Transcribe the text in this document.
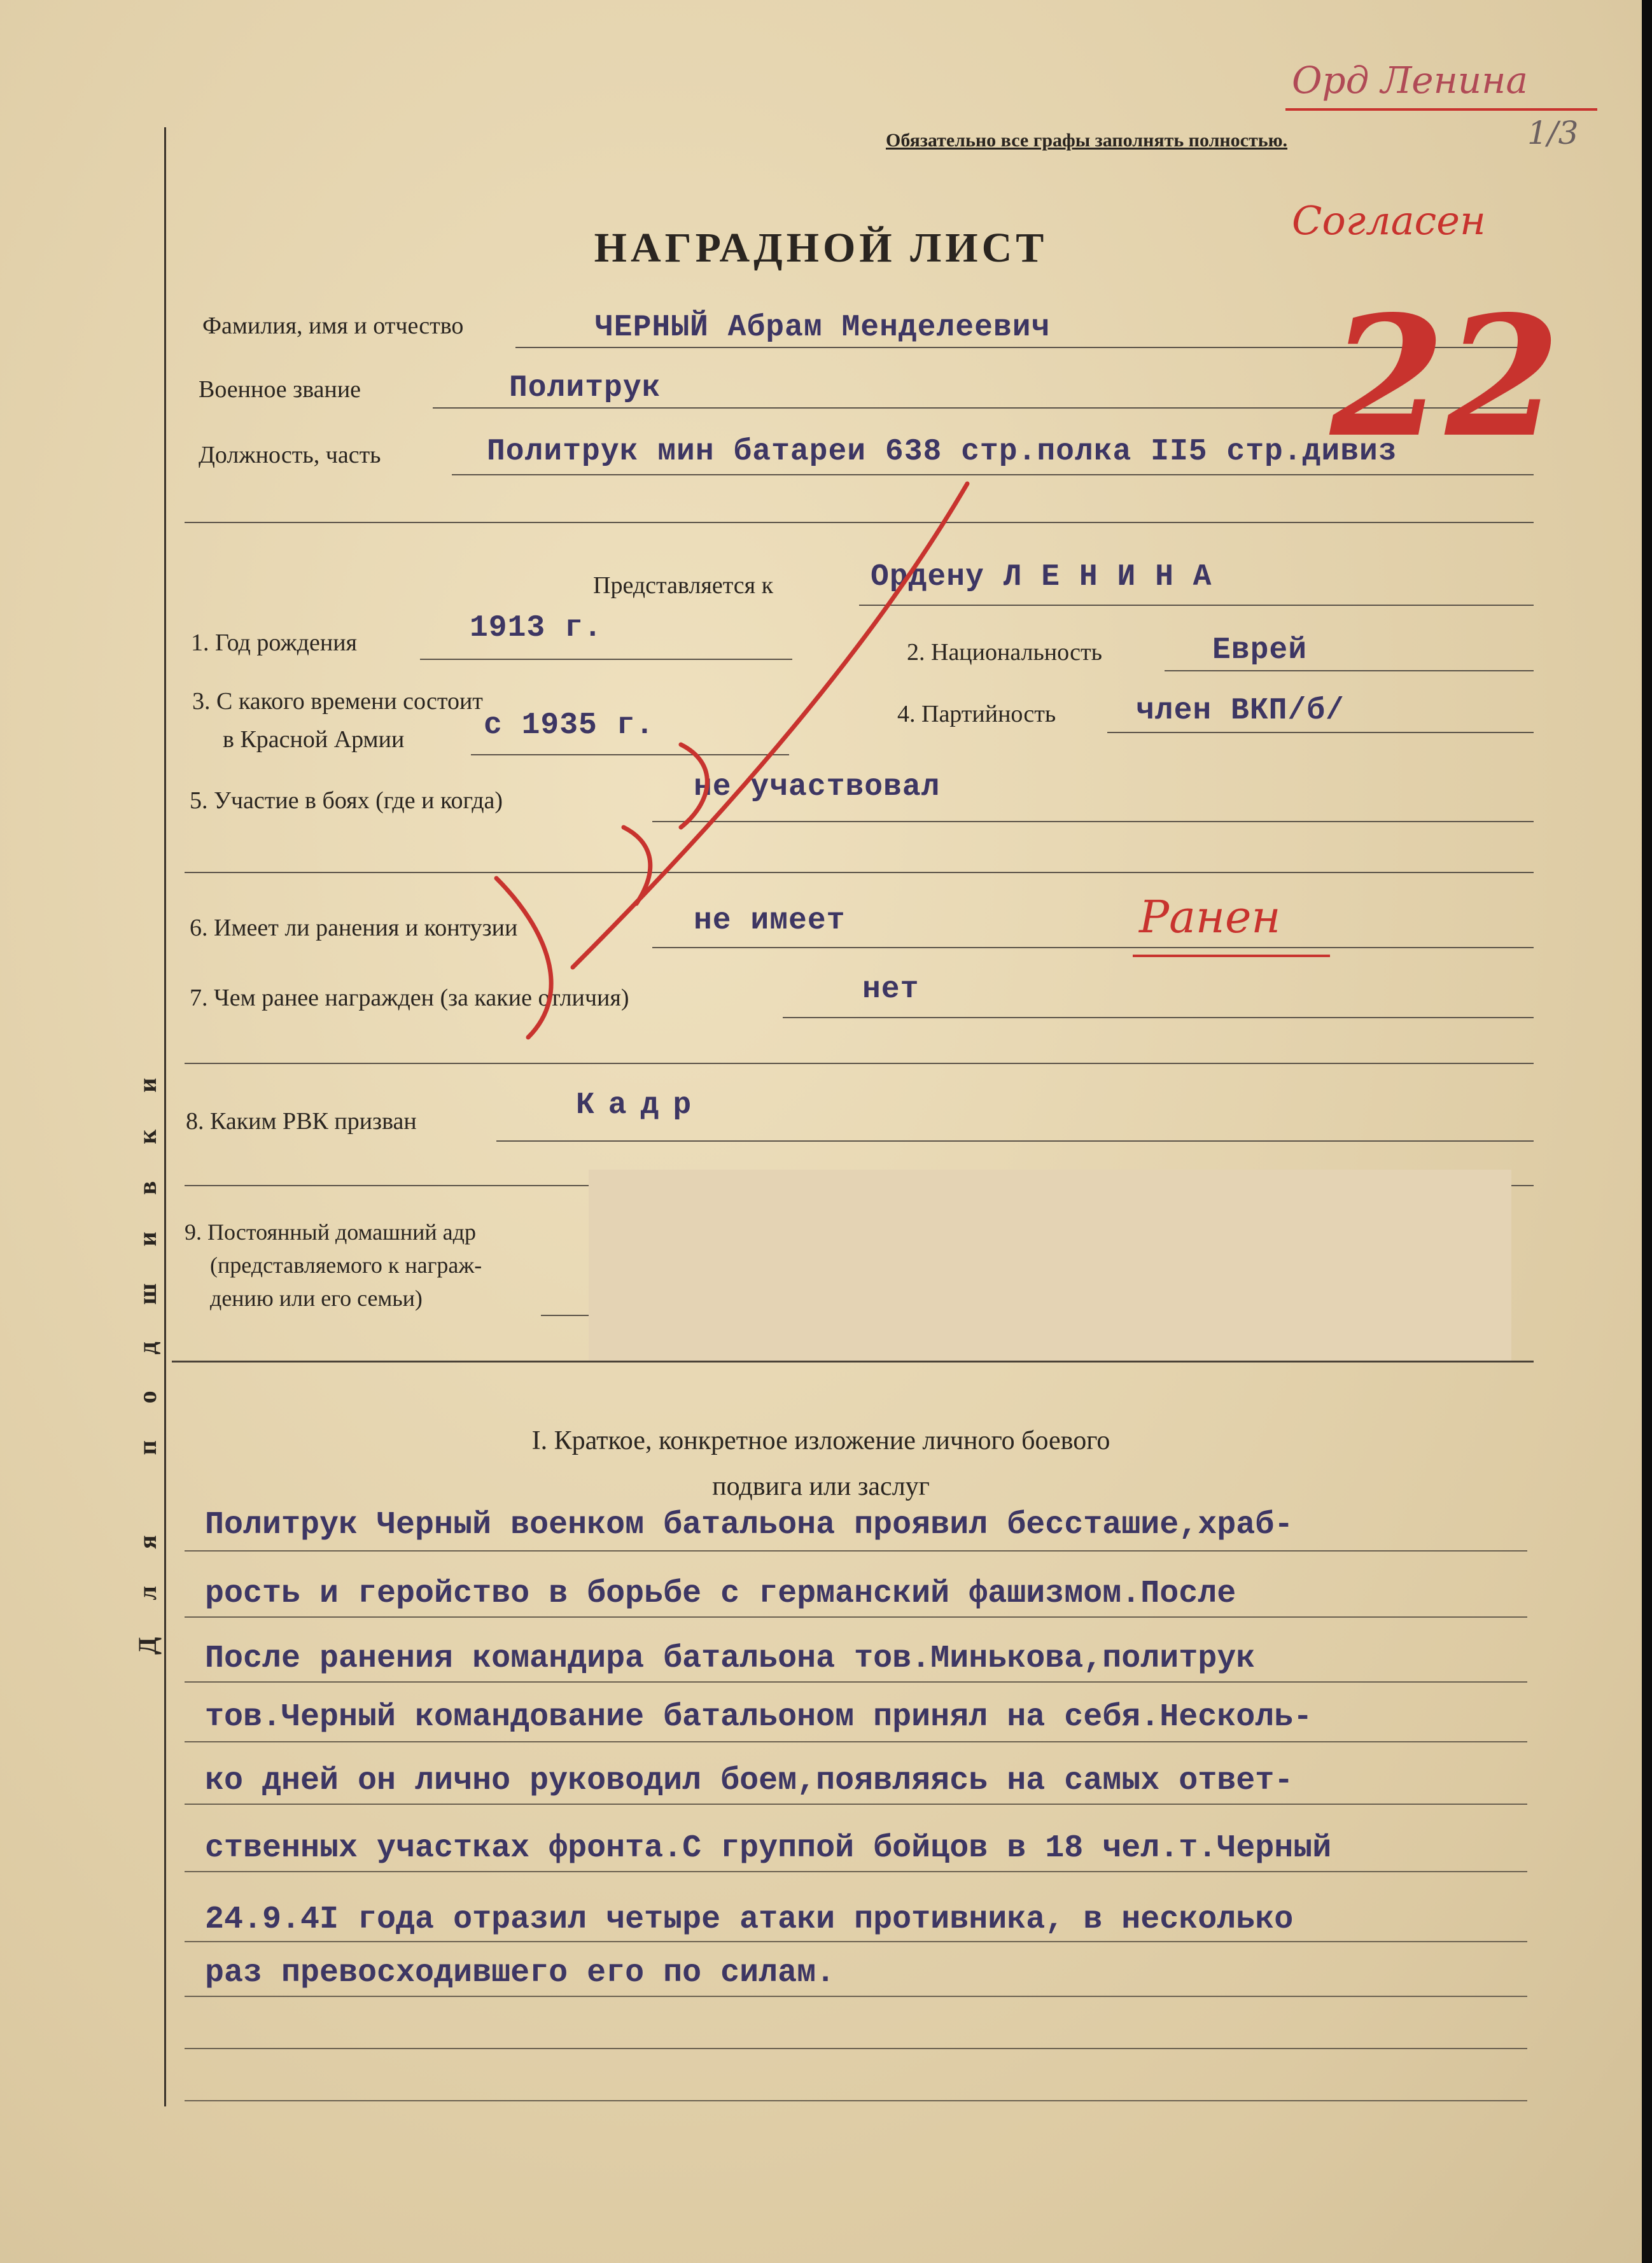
Для подшивки
Обязательно все графы заполнять полностью.
НАГРАДНОЙ ЛИСТ
Фамилия, имя и отчество	ЧЕРНЫЙ Абрам Менделеевич
Военное звание	Политрук
Должность, часть	Политрук мин батареи 638 стр.полка II5 стр.дивиз
Представляется к	Ордену Л Е Н И Н А
1. Год рождения	1913 г.
2. Национальность	Еврей
3. С какого времени состоит
в Красной Армии	с 1935 г.	4. Партийность	член ВКП/б/
5. Участие в боях (где и когда)	не участвовал
6. Имеет ли ранения и контузии	не имеет
7. Чем ранее награжден (за какие отличия)	нет
8. Каким РВК призван	Кадр
9. Постоянный домашний адр
(представляемого к награж-
дению или его семьи)
I. Краткое, конкретное изложение личного боевого
подвига или заслуг
Политрук Черный военком батальона проявил бессташие,храб-
рость и геройство в борьбе с германский фашизмом.После
После ранения командира батальона тов.Минькова,политрук
тов.Черный командование батальоном принял на себя.Несколь-
ко дней он лично руководил боем,появляясь на самых ответ-
ственных участках фронта.С группой бойцов в 18 чел.т.Черный
24.9.4I года отразил четыре атаки противника, в несколько
раз превосходившего его по силам.
Орд Ленина
Согласен
22
Ранен
1/3
